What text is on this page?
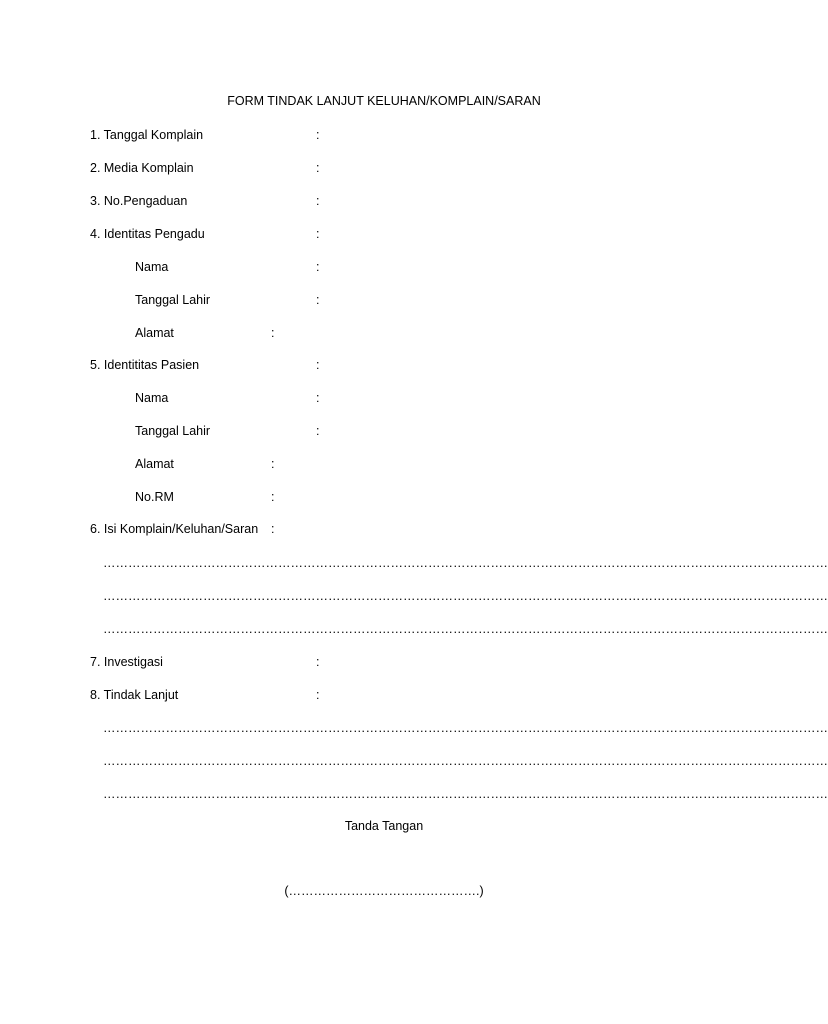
FORM TINDAK LANJUT KELUHAN/KOMPLAIN/SARAN
1. Tanggal Komplain	:
2. Media Komplain	:
3. No.Pengaduan	:
4. Identitas Pengadu	:
Nama	:
Tanggal Lahir	:
Alamat	:
5. Identititas Pasien	:
Nama	:
Tanggal Lahir	:
Alamat	:
No.RM	:
6. Isi Komplain/Keluhan/Saran :
…………………………………………………………………………………………………………………………………………………………
…………………………………………………………………………………………………………………………………………………………
…………………………………………………………………………………………………………………………………………………………
7. Investigasi	:
8. Tindak Lanjut	:
…………………………………………………………………………………………………………………………………………………………
…………………………………………………………………………………………………………………………………………………………
…………………………………………………………………………………………………………………………………………………………
Tanda Tangan
(……………………………………….)
